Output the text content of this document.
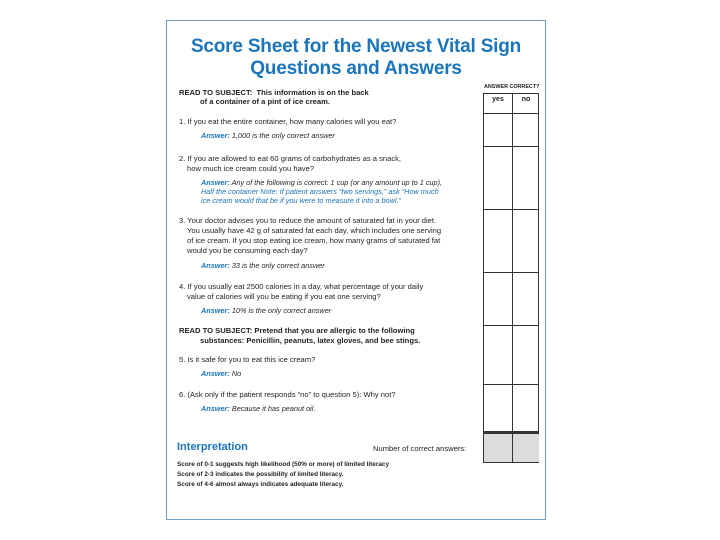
Score Sheet for the Newest Vital Sign
Questions and Answers
READ TO SUBJECT: This information is on the back
of a container of a pint of ice cream.
1. If you eat the entire container, how many calories will you eat?
Answer: 1,000 is the only correct answer
2. If you are allowed to eat 60 grams of carbohydrates as a snack,
how much ice cream could you have?
Answer: Any of the following is correct: 1 cup (or any amount up to 1 cup),
Half the container Note: If patient answers “two servings,” ask “How much
ice cream would that be if you were to measure it into a bowl.”
3. Your doctor advises you to reduce the amount of saturated fat in your diet.
You usually have 42 g of saturated fat each day, which includes one serving
of ice cream. If you stop eating ice cream, how many grams of saturated fat
would you be consuming each day?
Answer: 33 is the only correct answer
4. If you usually eat 2500 calories in a day, what percentage of your daily
value of calories will you be eating if you eat one serving?
Answer: 10% is the only correct answer
READ TO SUBJECT: Pretend that you are allergic to the following
substances: Penicillin, peanuts, latex gloves, and bee stings.
5. Is it safe for you to eat this ice cream?
Answer: No
6. (Ask only if the patient responds “no” to question 5): Why not?
Answer: Because it has peanut oil.
ANSWER CORRECT?
yes	no
Interpretation	Number of correct answers:
Score of 0-1 suggests high likelihood (50% or more) of limited literacy
Score of 2-3 indicates the possibility of limited literacy.
Score of 4-6 almost always indicates adequate literacy.
